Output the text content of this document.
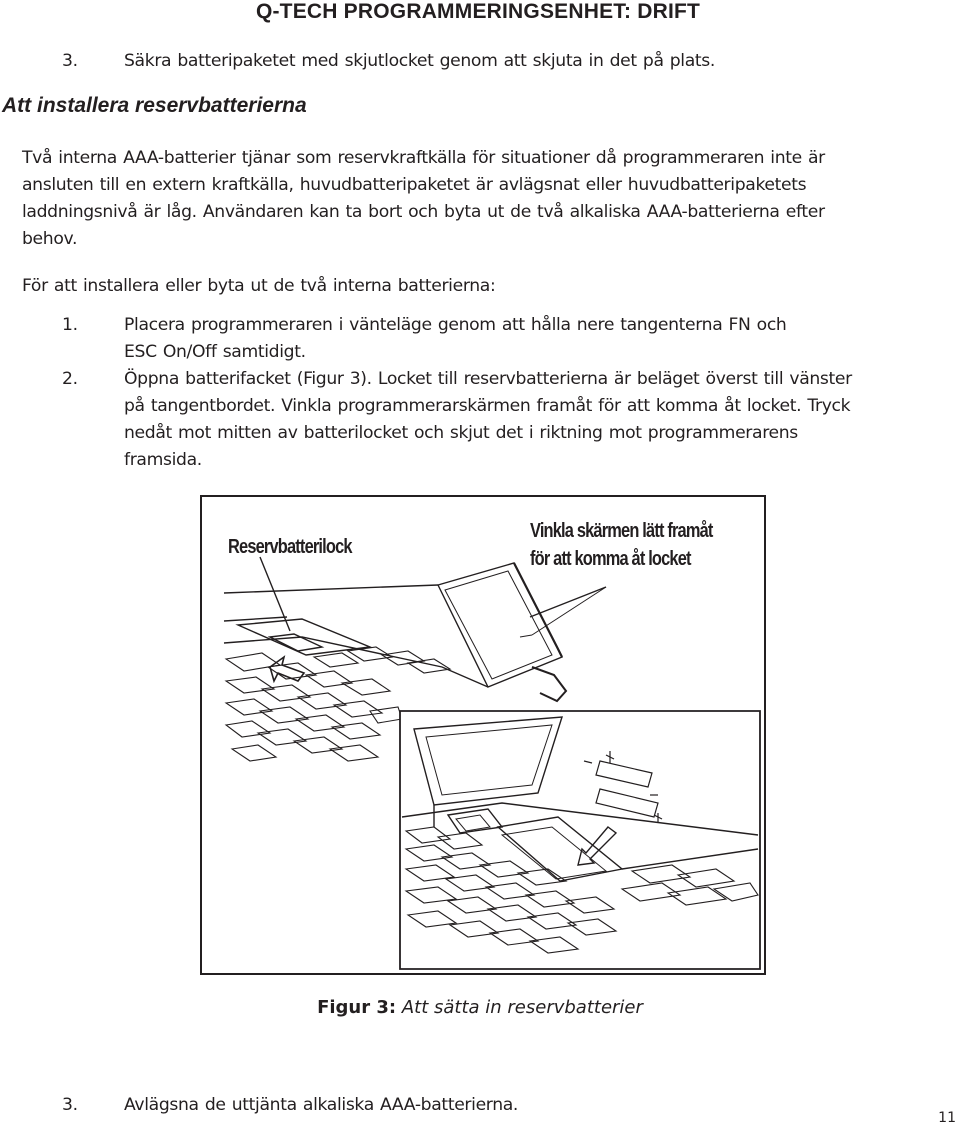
Q-TECH PROGRAMMERINGSENHET: DRIFT
3.	Säkra batteripaketet med skjutlocket genom att skjuta in det på plats.
Att installera reservbatterierna
Två interna AAA-batterier tjänar som reservkraftkälla för situationer då programmeraren inte är
ansluten till en extern kraftkälla, huvudbatteripaketet är avlägsnat eller huvudbatteripaketets
laddningsnivå är låg. Användaren kan ta bort och byta ut de två alkaliska AAA-batterierna efter
behov.
För att installera eller byta ut de två interna batterierna:
1.	Placera programmeraren i vänteläge genom att hålla nere tangenterna FN och
ESC On/Off samtidigt.
2.	Öppna batterifacket (Figur 3). Locket till reservbatterierna är beläget överst till vänster
på tangentbordet. Vinkla programmerarskärmen framåt för att komma åt locket. Tryck
nedåt mot mitten av batterilocket och skjut det i riktning mot programmerarens
framsida.
Reservbatterilock
Vinkla skärmen lätt framåt
för att komma åt locket
Figur 3: Att sätta in reservbatterier
3.	Avlägsna de uttjänta alkaliska AAA-batterierna.
11
